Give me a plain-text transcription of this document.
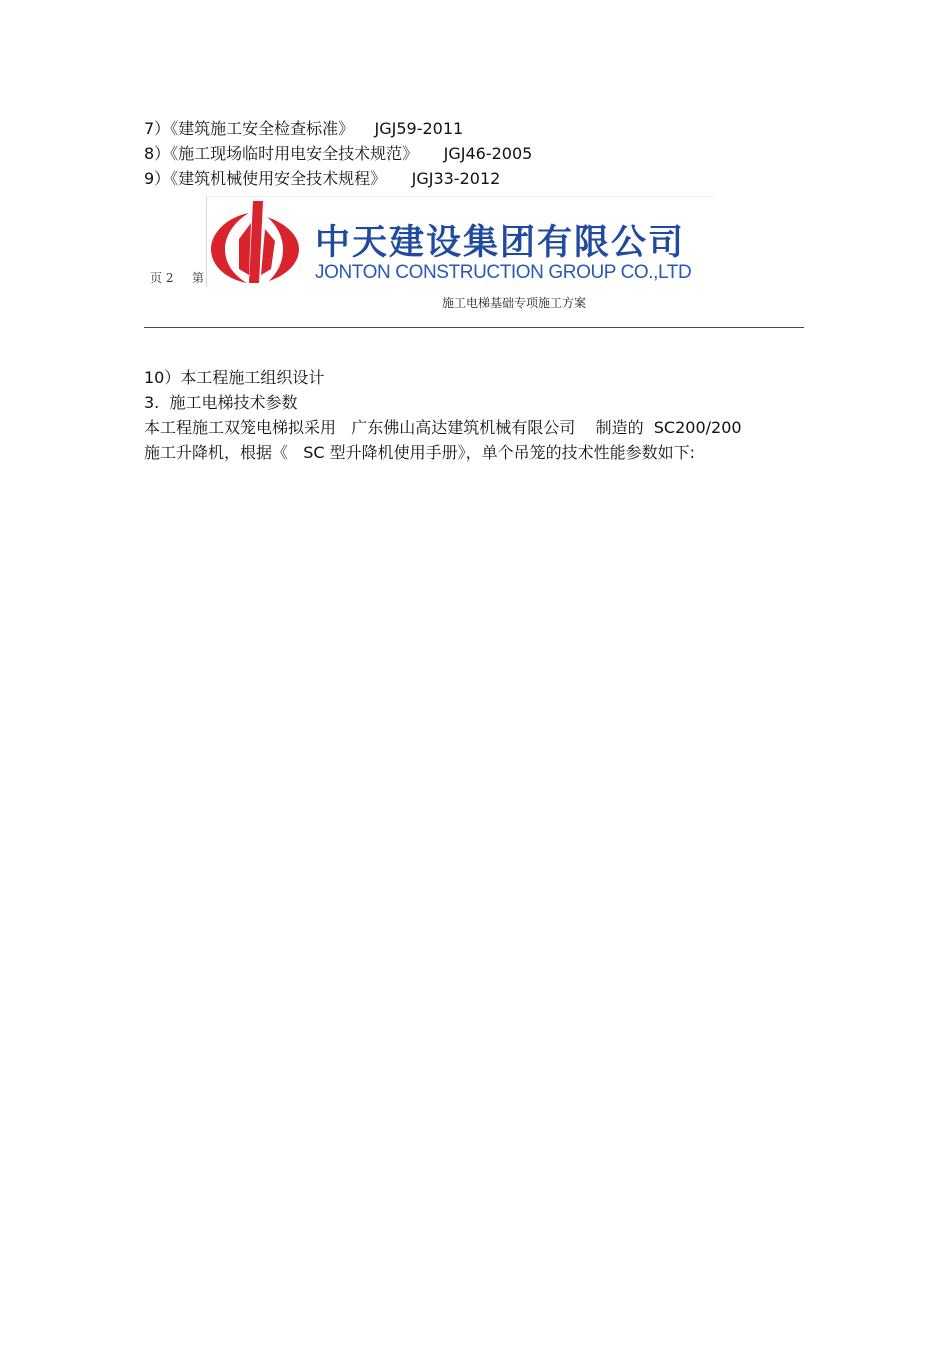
7）《建筑施工安全检查标准》    JGJ59-2011
8）《施工现场临时用电安全技术规范》     JGJ46-2005
9）《建筑机械使用安全技术规程》     JGJ33-2012
页 2 第
中天建设集团有限公司
JONTON CONSTRUCTION GROUP CO.,LTD
施工电梯基础专项施工方案
10）本工程施工组织设计
3.  施工电梯技术参数
本工程施工双笼电梯拟采用   广东佛山高达建筑机械有限公司    制造的  SC200/200
施工升降机，根据《   SC 型升降机使用手册》，单个吊笼的技术性能参数如下:
